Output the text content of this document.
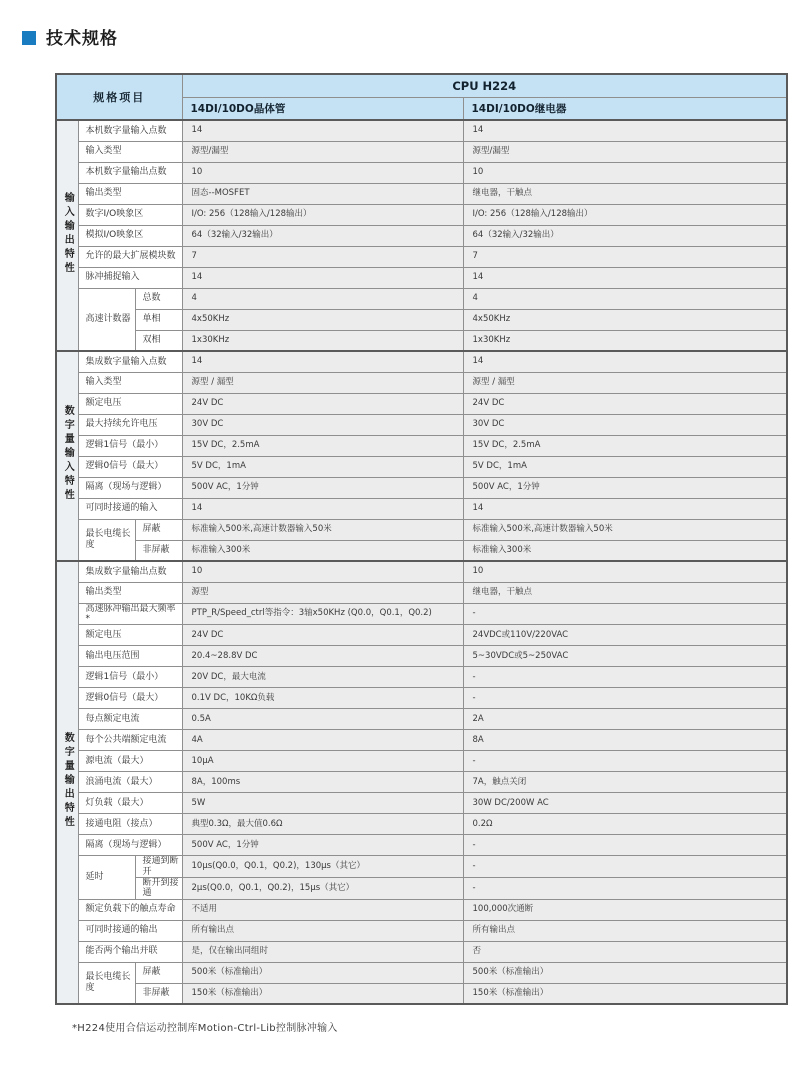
技术规格
规格项目			CPU H224	
			14DI/10DO晶体管	14DI/10DO继电器
输入输出特性	本机数字量输入点数		14	14
	输入类型		源型/漏型	源型/漏型
	本机数字量输出点数		10	10
	输出类型		固态--MOSFET	继电器，干触点
	数字I/O映象区		I/O: 256（128输入/128输出）	I/O: 256（128输入/128输出）
	模拟I/O映象区		64（32输入/32输出）	64（32输入/32输出）
	允许的最大扩展模块数		7	7
	脉冲捕捉输入		14	14
	高速计数器	总数	4	4
		单相	4x50KHz	4x50KHz
		双相	1x30KHz	1x30KHz
数字量输入特性	集成数字量输入点数		14	14
	输入类型		源型 / 漏型	源型 / 漏型
	额定电压		24V DC	24V DC
	最大持续允许电压		30V DC	30V DC
	逻辑1信号（最小）		15V DC，2.5mA	15V DC，2.5mA
	逻辑0信号（最大）		5V DC，1mA	5V DC，1mA
	隔离（现场与逻辑）		500V AC，1分钟	500V AC，1分钟
	可同时接通的输入		14	14
	最长电缆长度	屏蔽	标准输入500米,高速计数器输入50米	标准输入500米,高速计数器输入50米
		非屏蔽	标准输入300米	标准输入300米
数字量输出特性	集成数字量输出点数		10	10
	输出类型		源型	继电器，干触点
	高速脉冲输出最大频率*		PTP_R/Speed_ctrl等指令：3轴x50KHz (Q0.0，Q0.1，Q0.2)	-
	额定电压		24V DC	24VDC或110V/220VAC
	输出电压范围		20.4~28.8V DC	5~30VDC或5~250VAC
	逻辑1信号（最小）		20V DC，最大电流	-
	逻辑0信号（最大）		0.1V DC，10KΩ负载	-
	每点额定电流		0.5A	2A
	每个公共端额定电流		4A	8A
	源电流（最大）		10μA	-
	浪涌电流（最大）		8A，100ms	7A，触点关闭
	灯负载（最大）		5W	30W DC/200W AC
	接通电阻（接点）		典型0.3Ω，最大值0.6Ω	0.2Ω
	隔离（现场与逻辑）		500V AC，1分钟	-
	延时	接通到断开	10μs(Q0.0，Q0.1，Q0.2)，130μs（其它）	-
		断开到接通	2μs(Q0.0，Q0.1，Q0.2)，15μs（其它）	-
	额定负载下的触点寿命		不适用	100,000次通断
	可同时接通的输出		所有输出点	所有输出点
	能否两个输出并联		是，仅在输出同组时	否
	最长电缆长度	屏蔽	500米（标准输出）	500米（标准输出）
		非屏蔽	150米（标准输出）	150米（标准输出）
*H224使用合信运动控制库Motion-Ctrl-Lib控制脉冲输入
